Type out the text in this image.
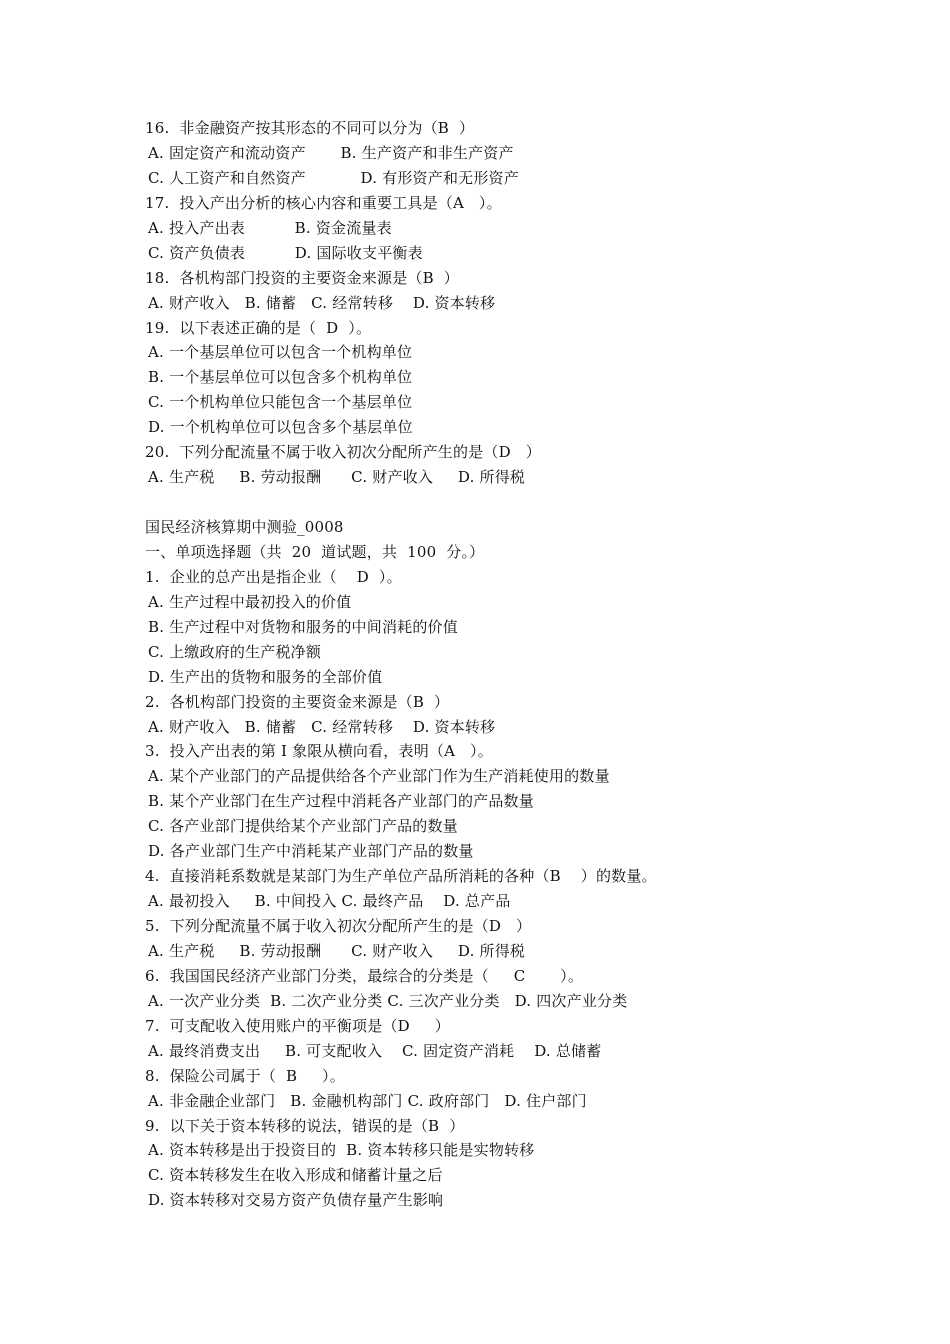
16.  非金融资产按其形态的不同可以分为（B  ）
A. 固定资产和流动资产       B. 生产资产和非生产资产
C. 人工资产和自然资产           D. 有形资产和无形资产
17.  投入产出分析的核心内容和重要工具是（A   ）。
A. 投入产出表          B. 资金流量表
C. 资产负债表          D. 国际收支平衡表
18.  各机构部门投资的主要资金来源是（B  ）
A. 财产收入   B. 储蓄   C. 经常转移    D. 资本转移
19.  以下表述正确的是（  D  ）。
A. 一个基层单位可以包含一个机构单位
B. 一个基层单位可以包含多个机构单位
C. 一个机构单位只能包含一个基层单位
D. 一个机构单位可以包含多个基层单位
20.  下列分配流量不属于收入初次分配所产生的是（D   ）
A. 生产税     B. 劳动报酬      C. 财产收入     D. 所得税
国民经济核算期中测验_0008
一、单项选择题（共  20  道试题，共  100  分。）
1.  企业的总产出是指企业（    D  ）。
A. 生产过程中最初投入的价值
B. 生产过程中对货物和服务的中间消耗的价值
C. 上缴政府的生产税净额
D. 生产出的货物和服务的全部价值
2.  各机构部门投资的主要资金来源是（B  ）
A. 财产收入   B. 储蓄   C. 经常转移    D. 资本转移
3.  投入产出表的第 I 象限从横向看，表明（A   ）。
A. 某个产业部门的产品提供给各个产业部门作为生产消耗使用的数量
B. 某个产业部门在生产过程中消耗各产业部门的产品数量
C. 各产业部门提供给某个产业部门产品的数量
D. 各产业部门生产中消耗某产业部门产品的数量
4.  直接消耗系数就是某部门为生产单位产品所消耗的各种（B    ）的数量。
A. 最初投入     B. 中间投入 C. 最终产品    D. 总产品
5.  下列分配流量不属于收入初次分配所产生的是（D   ）
A. 生产税     B. 劳动报酬      C. 财产收入     D. 所得税
6.  我国国民经济产业部门分类，最综合的分类是（     C       ）。
A. 一次产业分类  B. 二次产业分类 C. 三次产业分类   D. 四次产业分类
7.  可支配收入使用账户的平衡项是（D     ）
A. 最终消费支出     B. 可支配收入    C. 固定资产消耗    D. 总储蓄
8.  保险公司属于（  B     ）。
A. 非金融企业部门   B. 金融机构部门 C. 政府部门   D. 住户部门
9.  以下关于资本转移的说法，错误的是（B  ）
A. 资本转移是出于投资目的  B. 资本转移只能是实物转移
C. 资本转移发生在收入形成和储蓄计量之后
D. 资本转移对交易方资产负债存量产生影响
